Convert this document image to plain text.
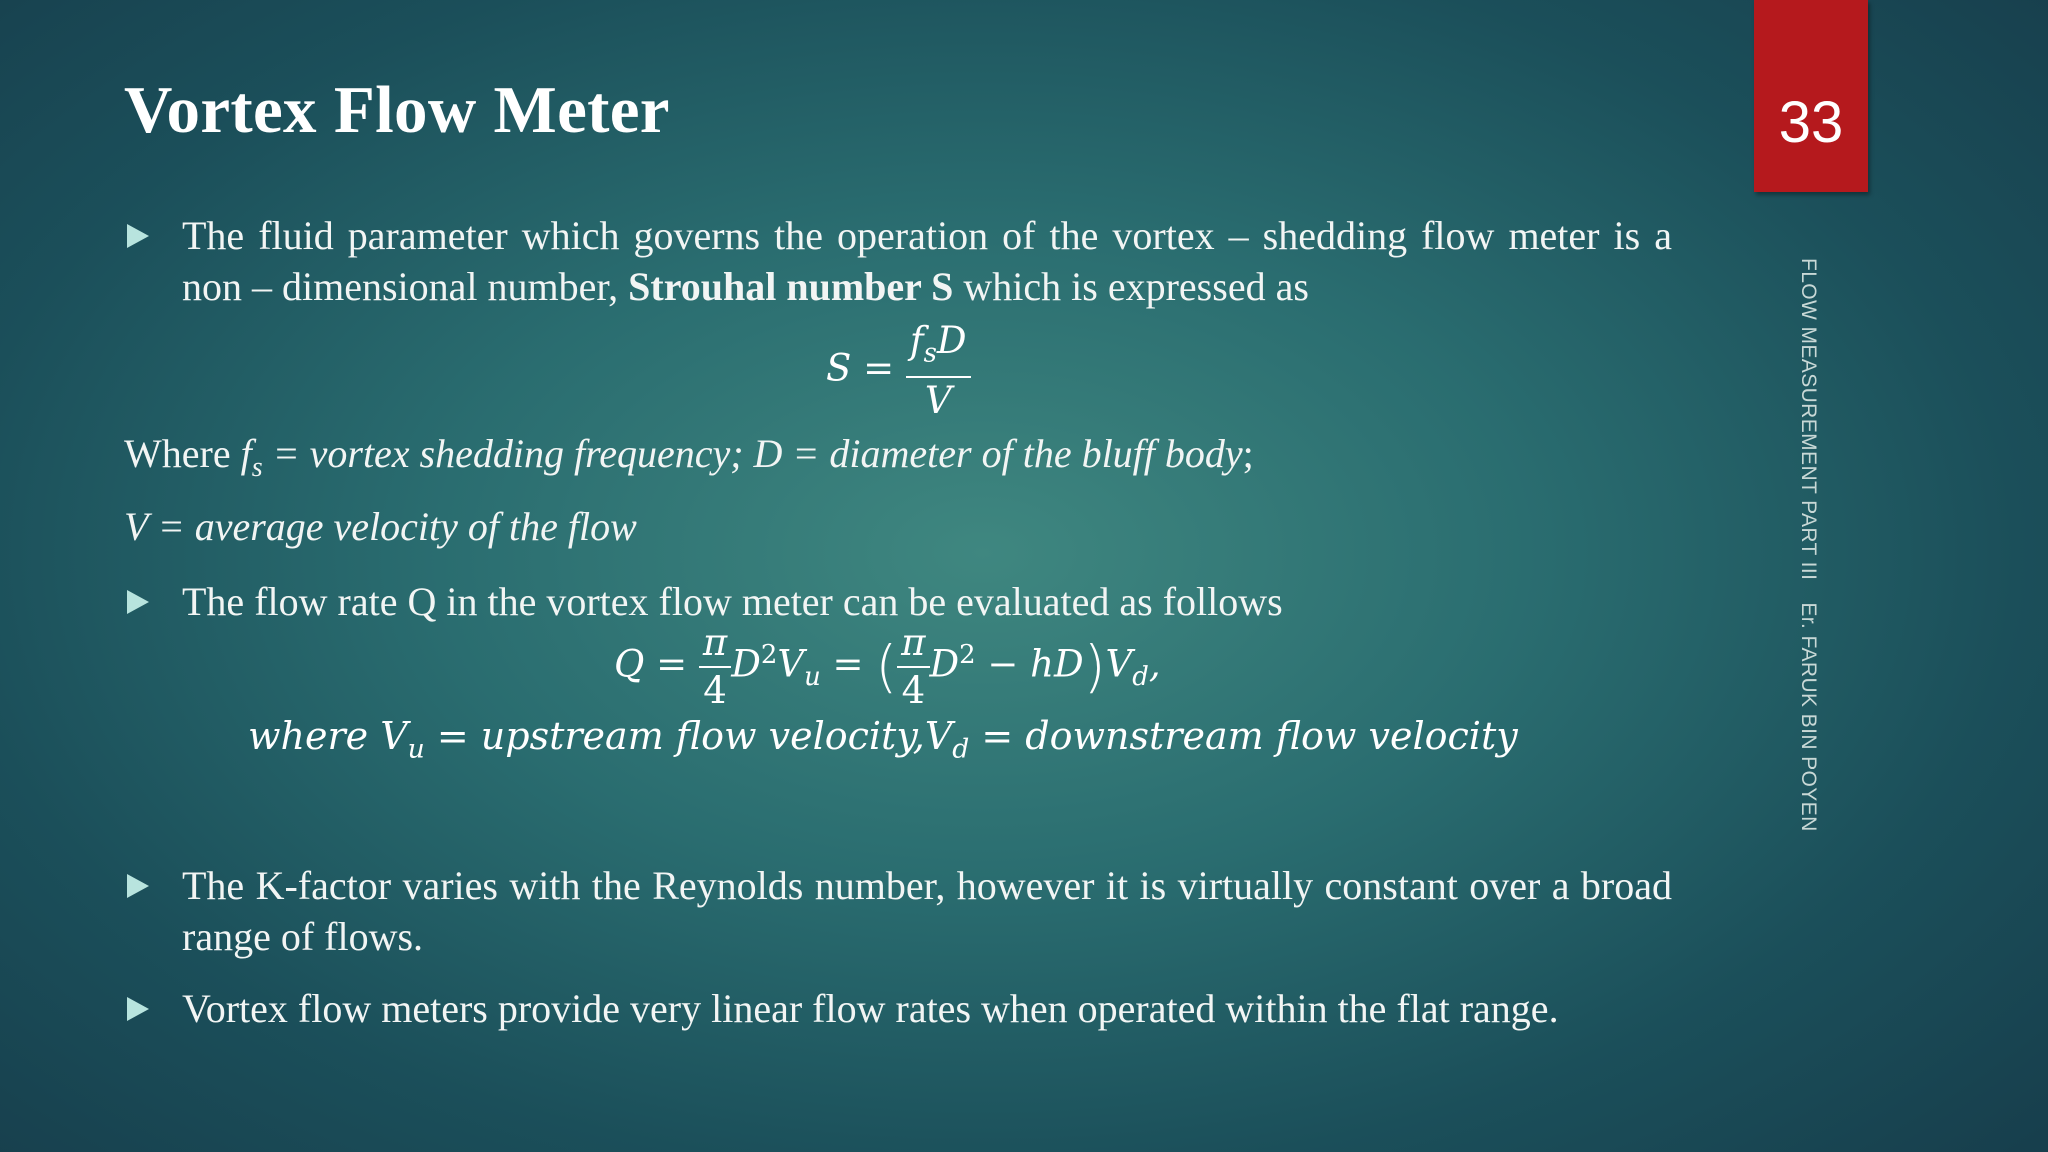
Vortex Flow Meter	33
FLOW MEASUREMENT PART IIIEr. FARUK BIN POYEN
The fluid parameter which governs the operation of the vortex – shedding flow meter is a non – dimensional number, Strouhal number S which is expressed as
$S = \frac{f_sD}{V}$
Where $f_s$ = vortex shedding frequency; D = diameter of the bluff body;
V = average velocity of the flow
The flow rate Q in the vortex flow meter can be evaluated as follows
$Q = \frac{\pi}{4} D^2V_u$ = ( $\frac{\pi}{4} D^2 - hD)V_d$,
where $V_u$ = upstream flow $velocity,V_d$ = downstream flow velocity
The K-factor varies with the Reynolds number, however it is virtually constant over a broad range of flows.
Vortex flow meters provide very linear flow rates when operated within the flat range.
